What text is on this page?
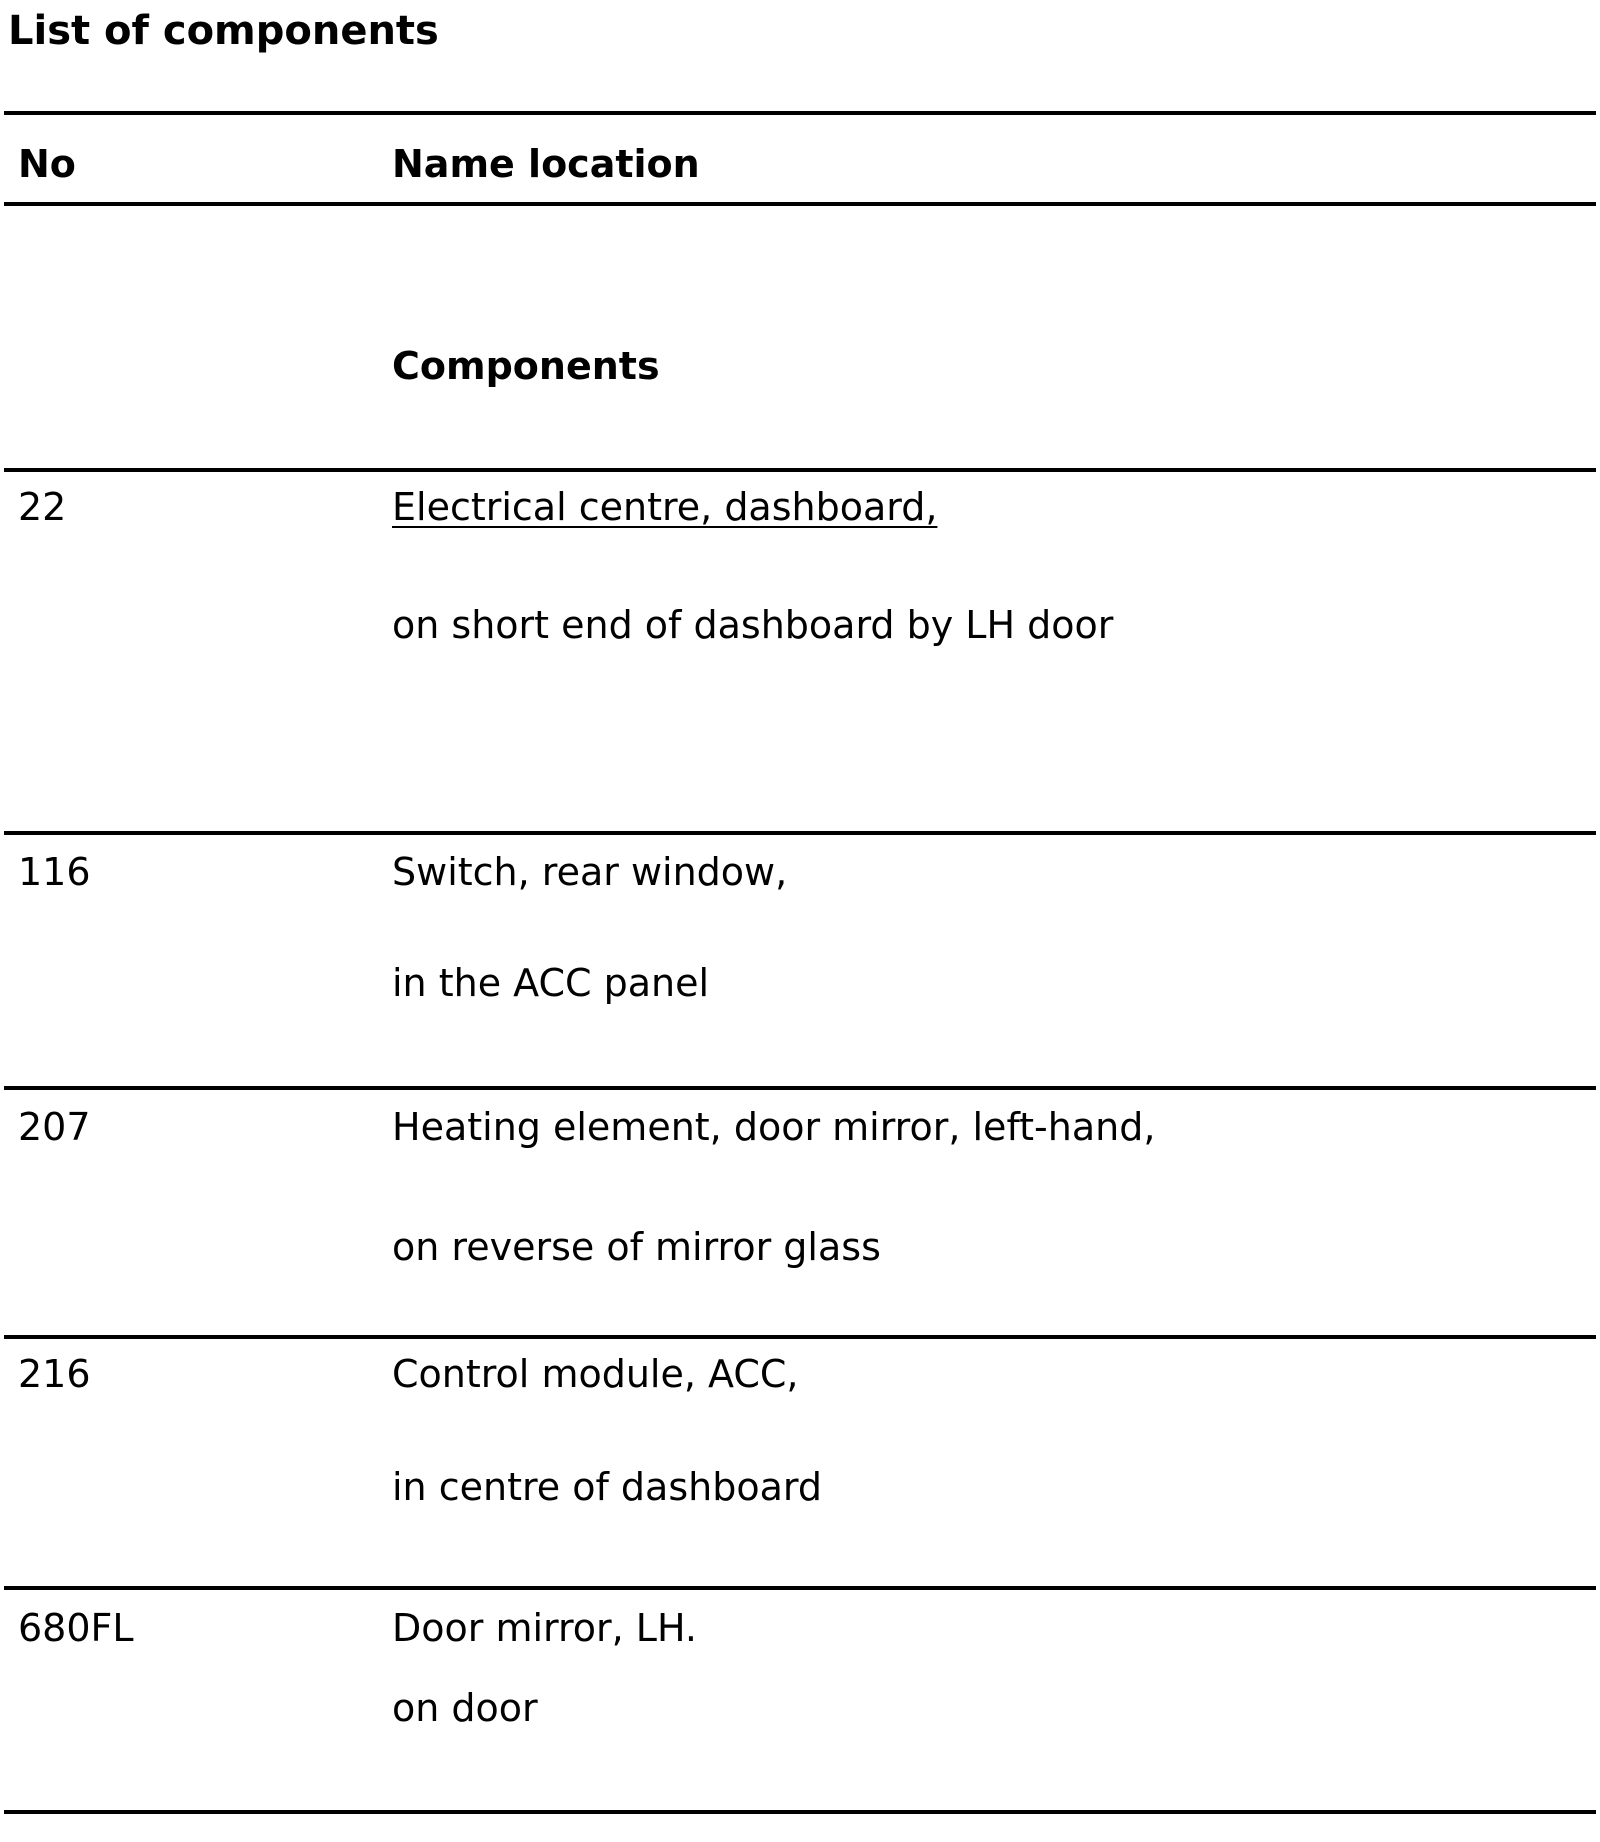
List of components
No	Name location
Components
22	Electrical centre, dashboard,
on short end of dashboard by LH door
116	Switch, rear window,
in the ACC panel
207	Heating element, door mirror, left-hand,
on reverse of mirror glass
216	Control module, ACC,
in centre of dashboard
680FL	Door mirror, LH.
on door
